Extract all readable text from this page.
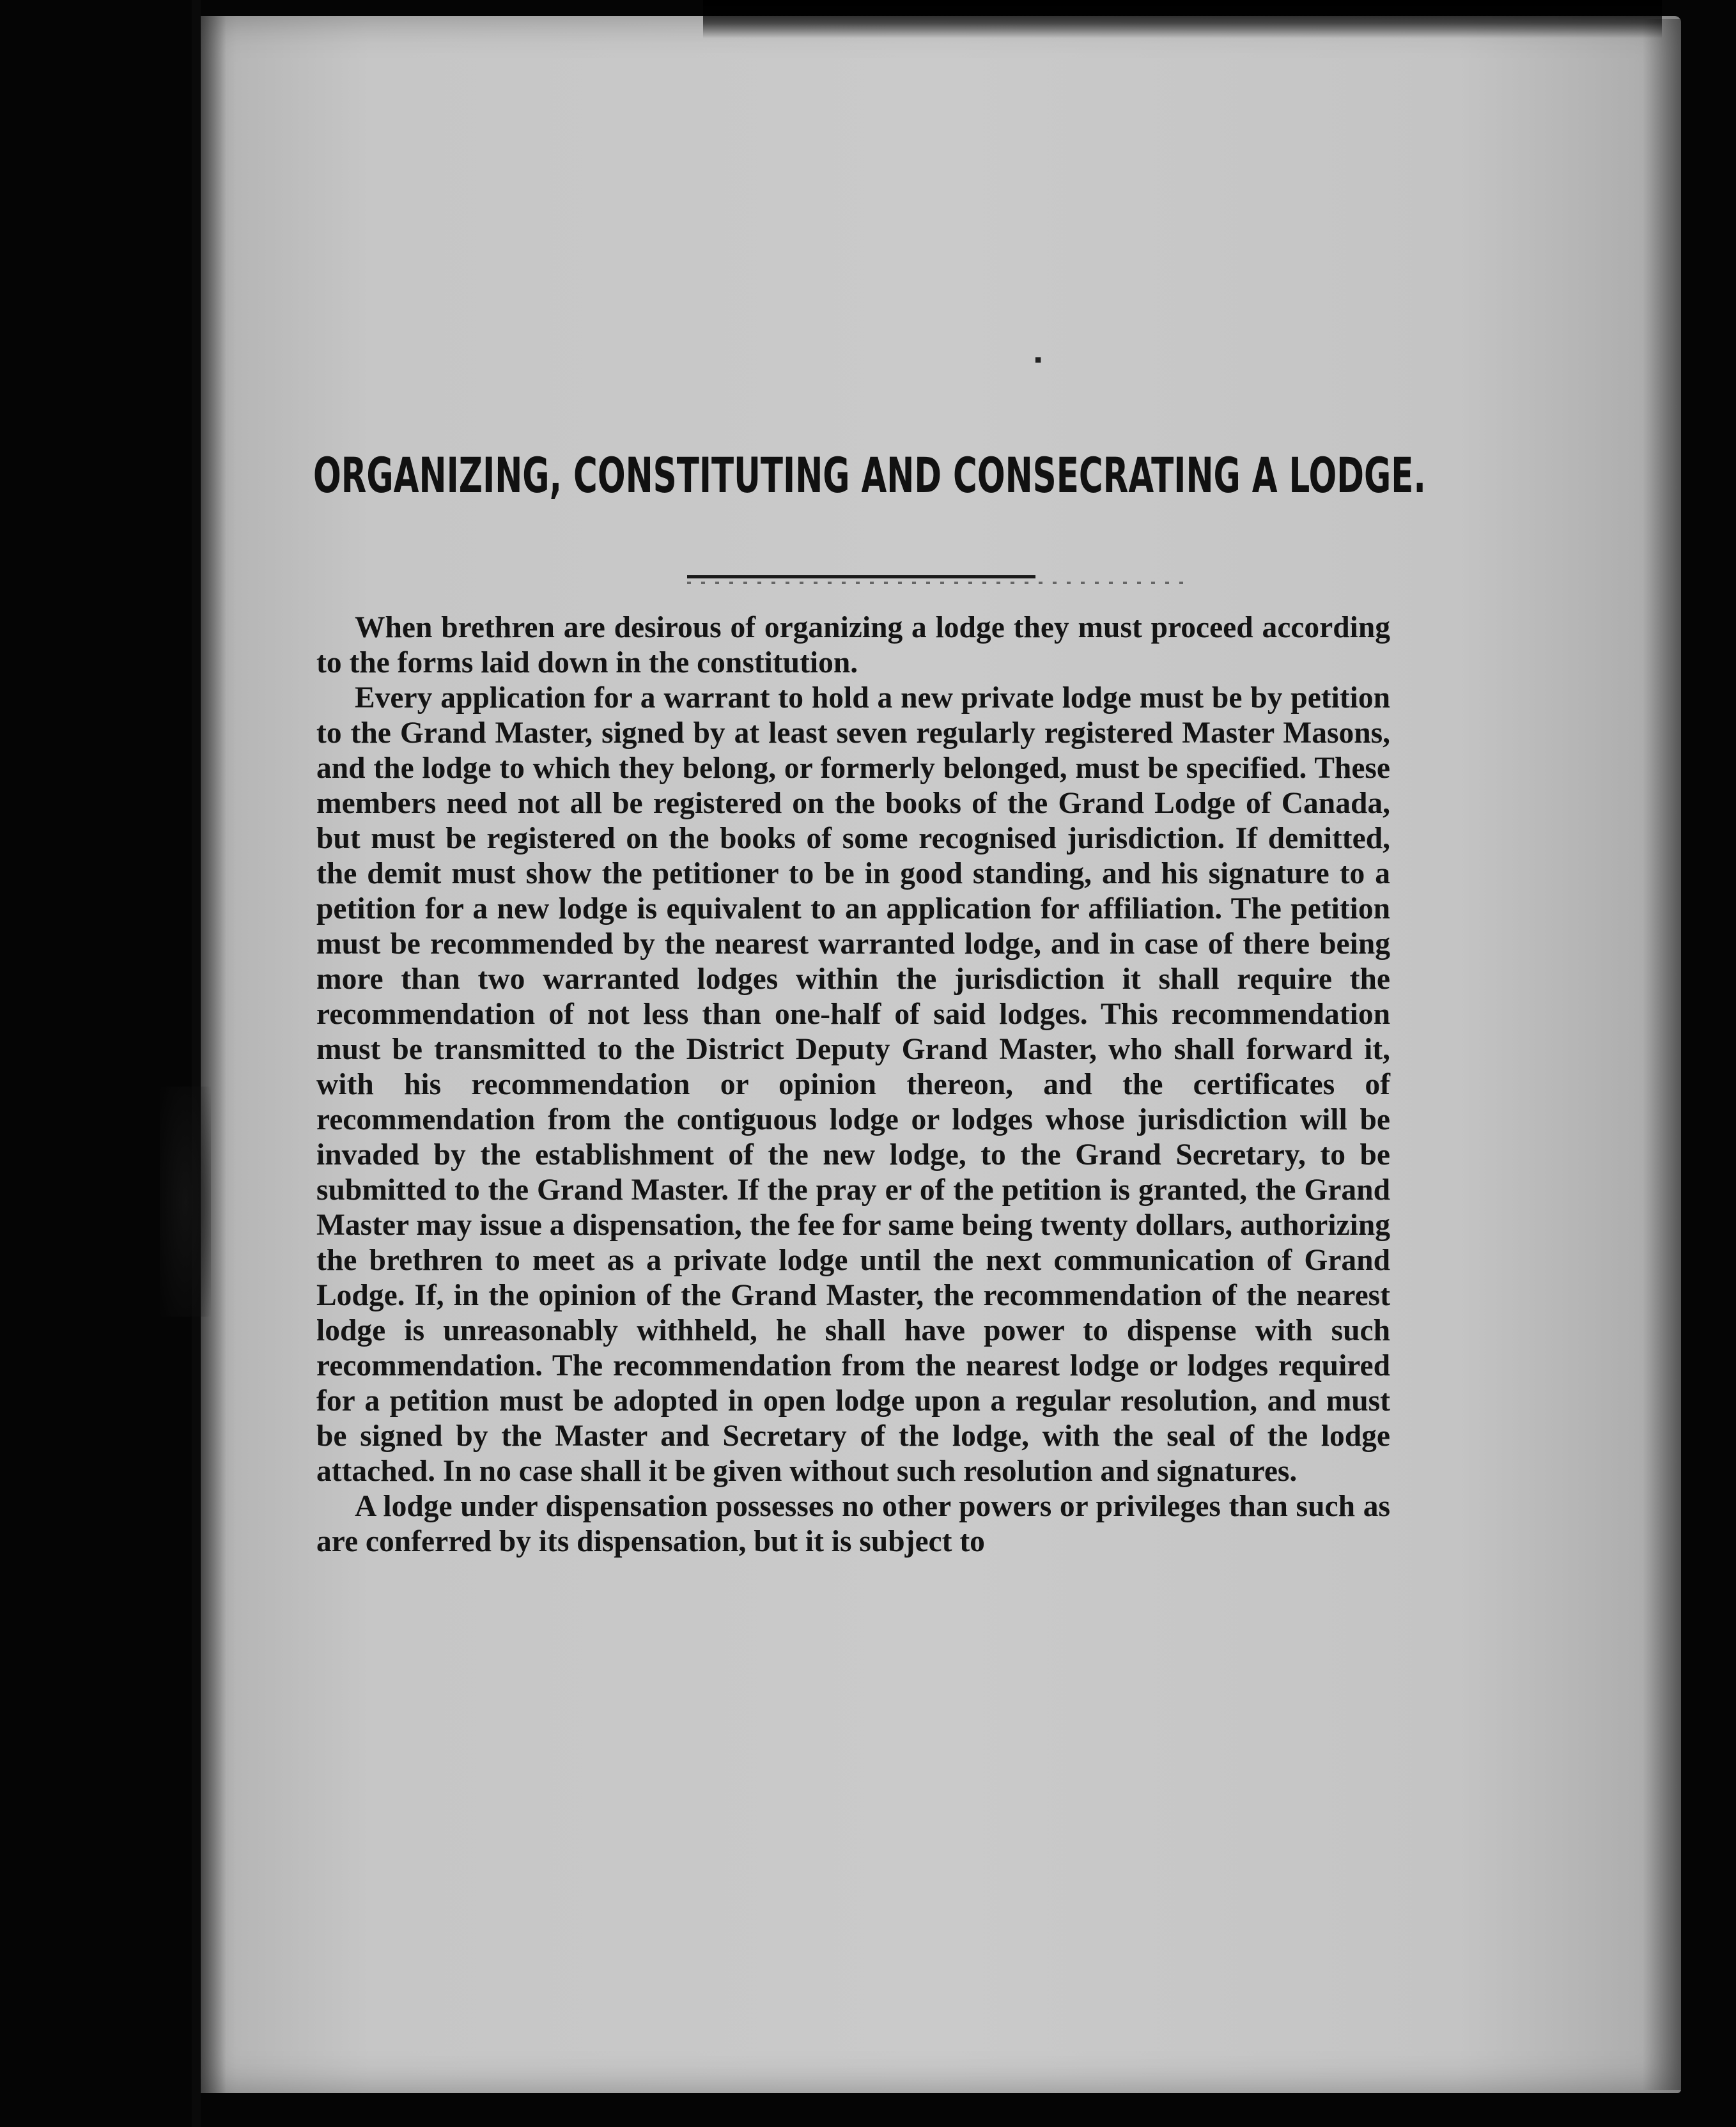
▪
ORGANIZING, CONSTITUTING AND CONSECRATING A LODGE.

When brethren are desirous of organizing a lodge they must proceed according to the forms laid down in the constitution.

Every application for a warrant to hold a new private lodge must be by petition to the Grand Master, signed by at least seven regularly registered Master Masons, and the lodge to which they belong, or formerly belonged, must be specified. These members need not all be registered on the books of the Grand Lodge of Canada, but must be registered on the books of some recognised jurisdiction. If demitted, the demit must show the petitioner to be in good standing, and his signature to a petition for a new lodge is equivalent to an application for affiliation. The petition must be recommended by the nearest warranted lodge, and in case of there being more than two warranted lodges within the jurisdiction it shall require the recommendation of not less than one-half of said lodges. This recommendation must be transmitted to the District Deputy Grand Master, who shall forward it, with his recommendation or opinion thereon, and the certificates of recommendation from the contiguous lodge or lodges whose jurisdiction will be invaded by the establishment of the new lodge, to the Grand Secretary, to be submitted to the Grand Master. If the pray er of the petition is granted, the Grand Master may issue a dispensation, the fee for same being twenty dollars, authorizing the brethren to meet as a private lodge until the next communication of Grand Lodge. If, in the opinion of the Grand Master, the recommendation of the nearest lodge is unreasonably withheld, he shall have power to dispense with such recommendation. The recommendation from the nearest lodge or lodges required for a petition must be adopted in open lodge upon a regular resolution, and must be signed by the Master and Secretary of the lodge, with the seal of the lodge attached. In no case shall it be given without such resolution and signatures.

A lodge under dispensation possesses no other powers or privileges than such as are conferred by its dispensation, but it is subject to
